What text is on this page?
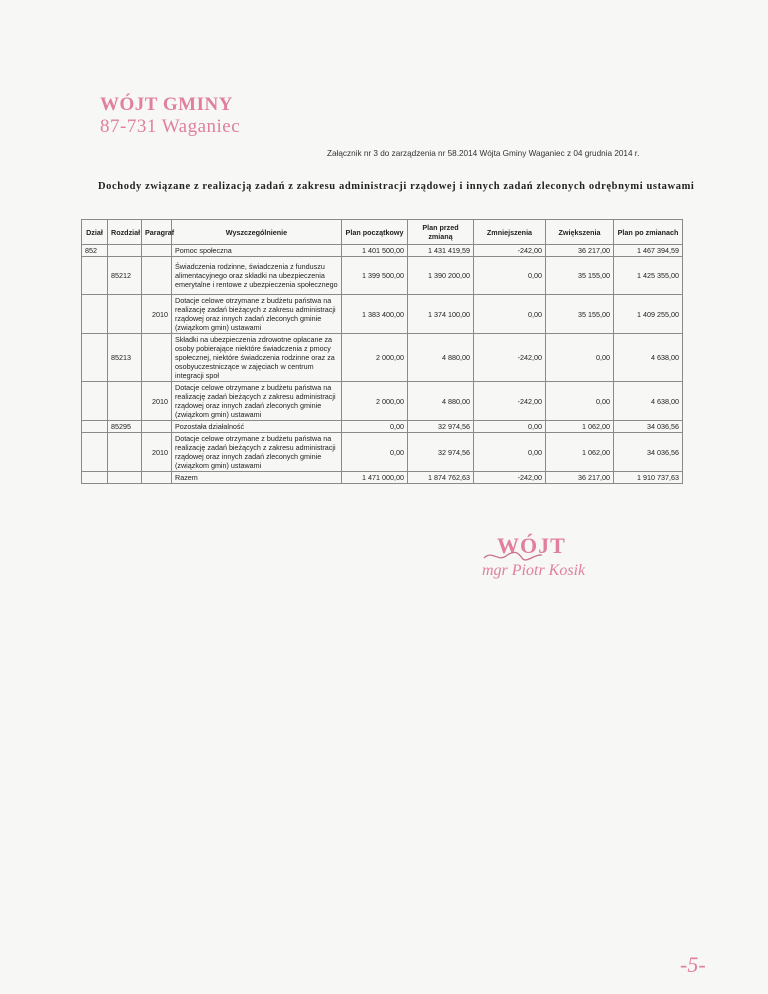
WÓJT GMINY
87-731 Waganiec
Załącznik nr 3 do zarządzenia nr 58.2014 Wójta Gminy Waganiec z 04 grudnia 2014 r.
Dochody związane z realizacją zadań z zakresu administracji rządowej i innych zadań zleconych odrębnymi ustawami
Dział	Rozdział	Paragraf	Wyszczególnienie	Plan początkowy	Plan przed zmianą	Zmniejszenia	Zwiększenia	Plan po zmianach
852			Pomoc społeczna	1 401 500,00	1 431 419,59	-242,00	36 217,00	1 467 394,59
	85212		Świadczenia rodzinne, świadczenia z funduszu alimentacyjnego oraz składki na ubezpieczenia emerytalne i rentowe z ubezpieczenia społecznego	1 399 500,00	1 390 200,00	0,00	35 155,00	1 425 355,00
		2010	Dotacje celowe otrzymane z budżetu państwa na realizację zadań bieżących z zakresu administracji rządowej oraz innych zadań zleconych gminie (związkom gmin) ustawami	1 383 400,00	1 374 100,00	0,00	35 155,00	1 409 255,00
	85213		Składki na ubezpieczenia zdrowotne opłacane za osoby pobierające niektóre świadczenia z pmocy społecznej, niektóre świadczenia rodzinne oraz za osobyuczestniczące w zajęciach w centrum integracji społ	2 000,00	4 880,00	-242,00	0,00	4 638,00
		2010	Dotacje celowe otrzymane z budżetu państwa na realizację zadań bieżących z zakresu administracji rządowej oraz innych zadań zleconych gminie (związkom gmin) ustawami	2 000,00	4 880,00	-242,00	0,00	4 638,00
	85295		Pozostała działalność	0,00	32 974,56	0,00	1 062,00	34 036,56
		2010	Dotacje celowe otrzymane z budżetu państwa na realizację zadań bieżących z zakresu administracji rządowej oraz innych zadań zleconych gminie (związkom gmin) ustawami	0,00	32 974,56	0,00	1 062,00	34 036,56
			Razem	1 471 000,00	1 874 762,63	-242,00	36 217,00	1 910 737,63
WÓJT
mgr Piotr Kosik
-5-
